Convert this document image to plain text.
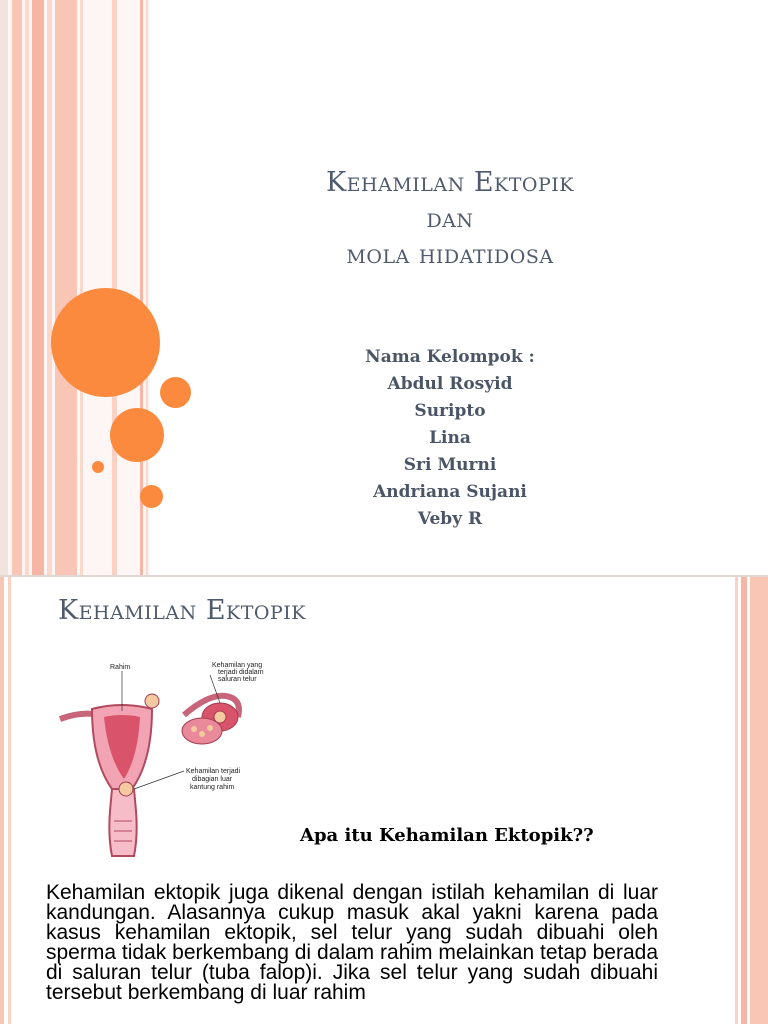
Kehamilan Ektopik
dan
mola hidatidosa
Nama Kelompok :
Abdul Rosyid
Suripto
Lina
Sri Murni
Andriana Sujani
Veby R
Kehamilan Ektopik
Rahim	Kehamilan yang
terjadi didalam
saluran telur
Kehamilan terjadi
dibagian luar
kantung rahim
Apa itu Kehamilan Ektopik??
Kehamilan ektopik juga dikenal dengan istilah kehamilan di luar kandungan. Alasannya cukup masuk akal yakni karena pada kasus kehamilan ektopik, sel telur yang sudah dibuahi oleh sperma tidak berkembang di dalam rahim melainkan tetap berada di saluran telur (tuba falop)i. Jika sel telur yang sudah dibuahi tersebut berkembang di luar rahim
